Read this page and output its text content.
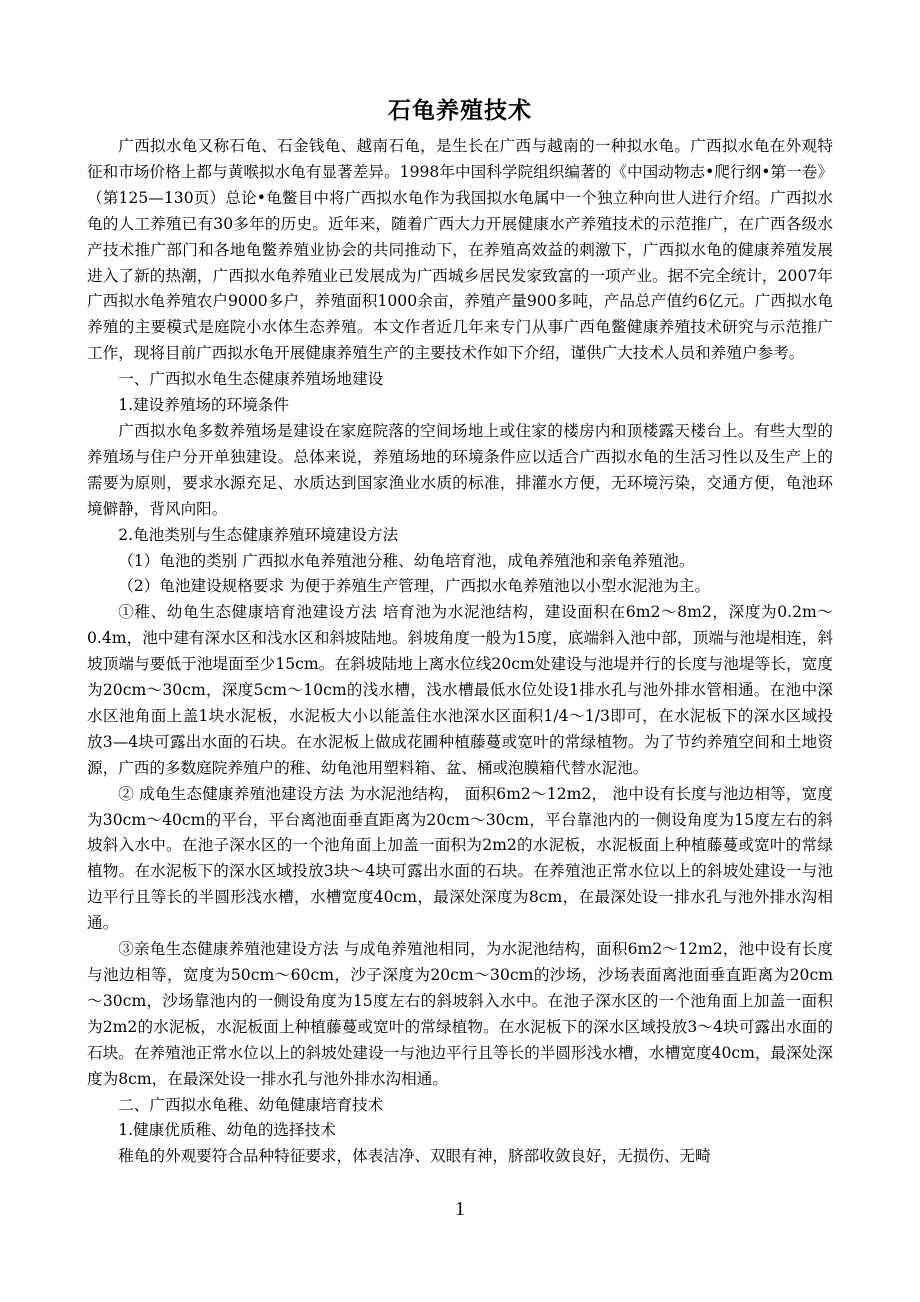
石龟养殖技术

广西拟水龟又称石龟、石金钱龟、越南石龟，是生长在广西与越南的一种拟水龟。广西拟水龟在外观特征和市场价格上都与黄喉拟水龟有显著差异。1998年中国科学院组织编著的《中国动物志•爬行纲•第一卷》（第125—130页）总论•龟鳖目中将广西拟水龟作为我国拟水龟属中一个独立种向世人进行介绍。广西拟水龟的人工养殖已有30多年的历史。近年来，随着广西大力开展健康水产养殖技术的示范推广，在广西各级水产技术推广部门和各地龟鳖养殖业协会的共同推动下，在养殖高效益的刺激下，广西拟水龟的健康养殖发展进入了新的热潮，广西拟水龟养殖业已发展成为广西城乡居民发家致富的一项产业。据不完全统计，2007年广西拟水龟养殖农户9000多户，养殖面积1000余亩，养殖产量900多吨，产品总产值约6亿元。广西拟水龟养殖的主要模式是庭院小水体生态养殖。本文作者近几年来专门从事广西龟鳖健康养殖技术研究与示范推广工作，现将目前广西拟水龟开展健康养殖生产的主要技术作如下介绍，谨供广大技术人员和养殖户参考。

一、广西拟水龟生态健康养殖场地建设

1.建设养殖场的环境条件

广西拟水龟多数养殖场是建设在家庭院落的空间场地上或住家的楼房内和顶楼露天楼台上。有些大型的养殖场与住户分开单独建设。总体来说，养殖场地的环境条件应以适合广西拟水龟的生活习性以及生产上的需要为原则，要求水源充足、水质达到国家渔业水质的标准，排灌水方便，无环境污染，交通方便，龟池环境僻静，背风向阳。

2.龟池类别与生态健康养殖环境建设方法

（1）龟池的类别 广西拟水龟养殖池分稚、幼龟培育池，成龟养殖池和亲龟养殖池。

（2）龟池建设规格要求 为便于养殖生产管理，广西拟水龟养殖池以小型水泥池为主。

①稚、幼龟生态健康培育池建设方法 培育池为水泥池结构，建设面积在6m2～8m2，深度为0.2m～0.4m，池中建有深水区和浅水区和斜坡陆地。斜坡角度一般为15度，底端斜入池中部，顶端与池堤相连，斜坡顶端与要低于池堤面至少15cm。在斜坡陆地上离水位线20cm处建设与池堤并行的长度与池堤等长，宽度为20cm～30cm，深度5cm～10cm的浅水槽，浅水槽最低水位处设1排水孔与池外排水管相通。在池中深水区池角面上盖1块水泥板，水泥板大小以能盖住水池深水区面积1/4～1/3即可，在水泥板下的深水区域投放3—4块可露出水面的石块。在水泥板上做成花圃种植藤蔓或宽叶的常绿植物。为了节约养殖空间和土地资源，广西的多数庭院养殖户的稚、幼龟池用塑料箱、盆、桶或泡膜箱代替水泥池。

② 成龟生态健康养殖池建设方法 为水泥池结构， 面积6m2～12m2， 池中设有长度与池边相等，宽度为30cm～40cm的平台，平台离池面垂直距离为20cm～30cm，平台靠池内的一侧设角度为15度左右的斜坡斜入水中。在池子深水区的一个池角面上加盖一面积为2m2的水泥板，水泥板面上种植藤蔓或宽叶的常绿植物。在水泥板下的深水区域投放3块～4块可露出水面的石块。在养殖池正常水位以上的斜坡处建设一与池边平行且等长的半圆形浅水槽，水槽宽度40cm，最深处深度为8cm，在最深处设一排水孔与池外排水沟相通。

③亲龟生态健康养殖池建设方法 与成龟养殖池相同，为水泥池结构，面积6m2～12m2，池中设有长度与池边相等，宽度为50cm～60cm，沙子深度为20cm～30cm的沙场，沙场表面离池面垂直距离为20cm～30cm，沙场靠池内的一侧设角度为15度左右的斜坡斜入水中。在池子深水区的一个池角面上加盖一面积为2m2的水泥板，水泥板面上种植藤蔓或宽叶的常绿植物。在水泥板下的深水区域投放3～4块可露出水面的石块。在养殖池正常水位以上的斜坡处建设一与池边平行且等长的半圆形浅水槽，水槽宽度40cm，最深处深度为8cm，在最深处设一排水孔与池外排水沟相通。

二、广西拟水龟稚、幼龟健康培育技术

1.健康优质稚、幼龟的选择技术

稚龟的外观要符合品种特征要求，体表洁净、双眼有神，脐部收敛良好，无损伤、无畸

1
